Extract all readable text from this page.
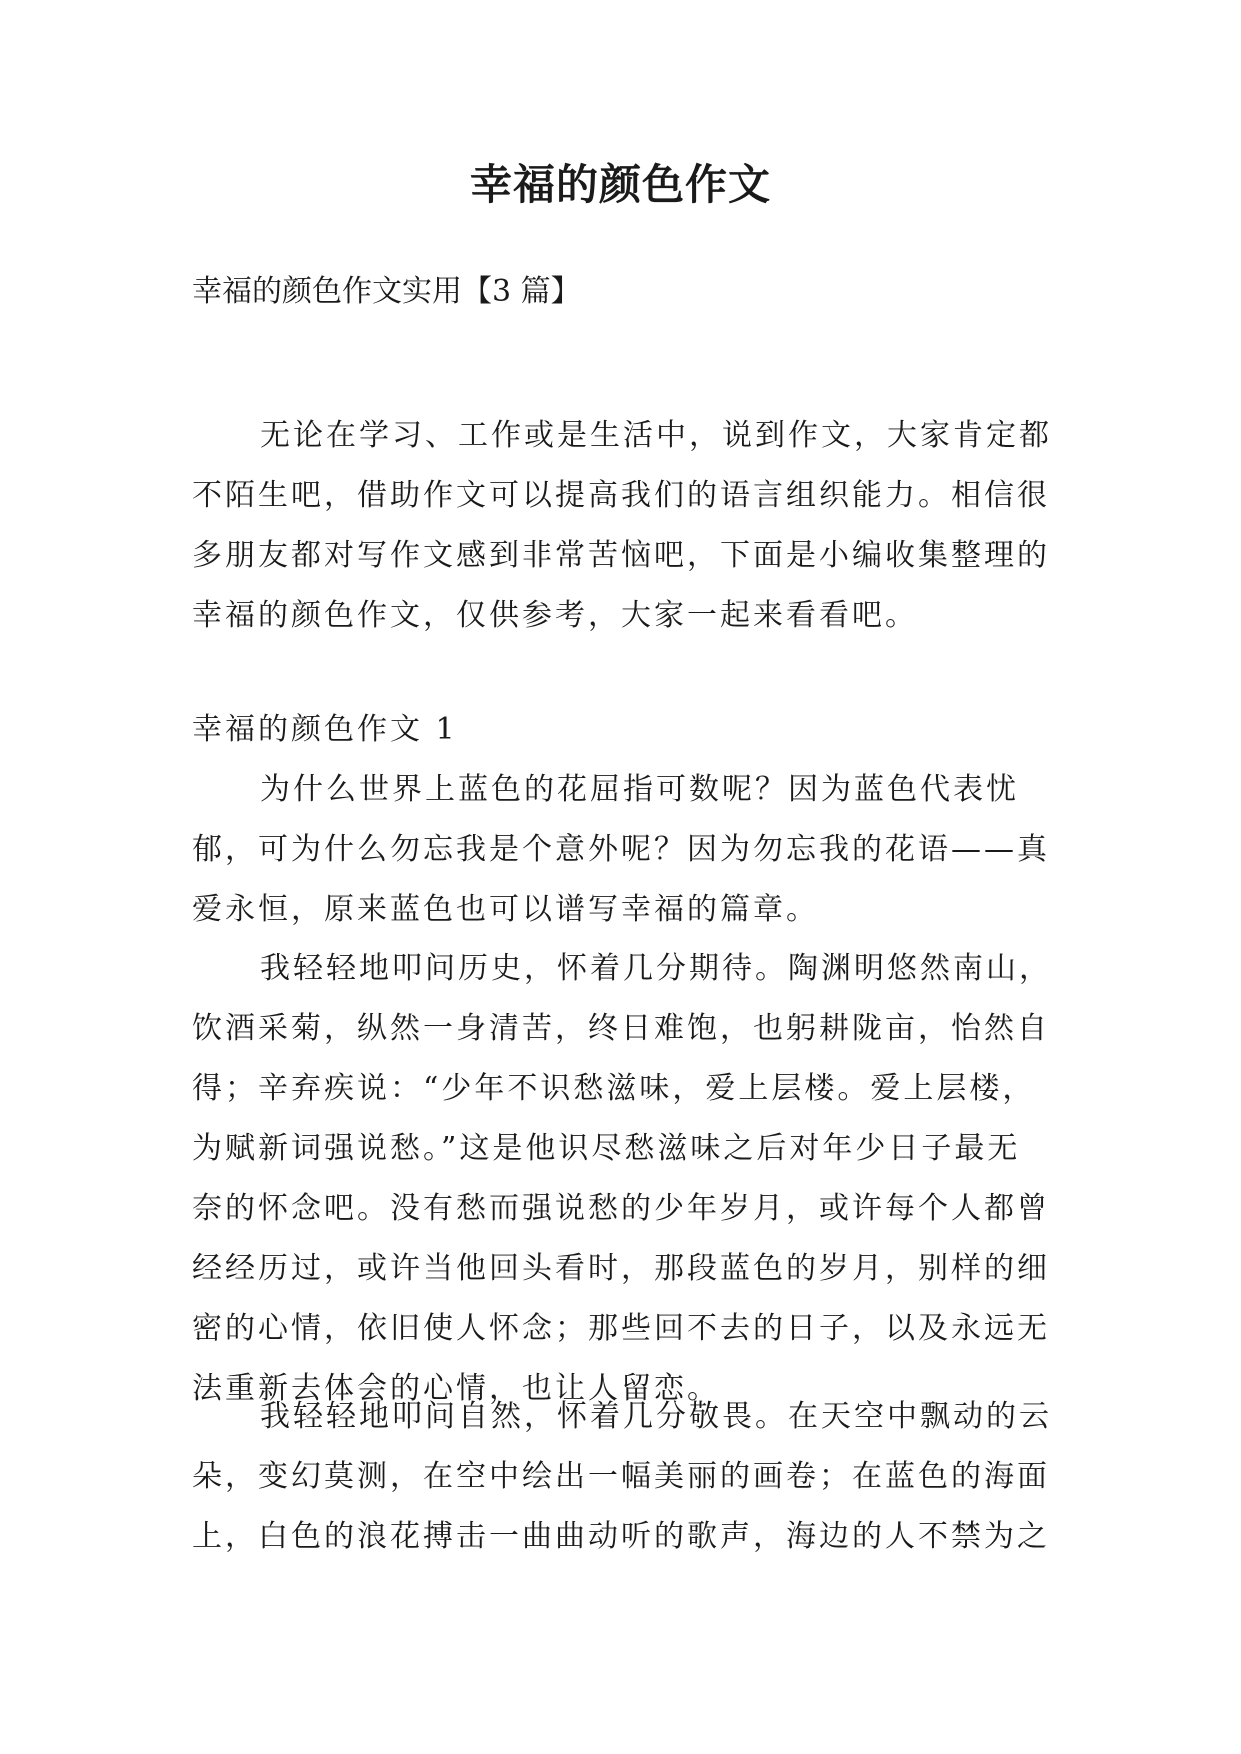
幸福的颜色作文

幸福的颜色作文实用【3 篇】

无论在学习、工作或是生活中，说到作文，大家肯定都
不陌生吧，借助作文可以提高我们的语言组织能力。相信很
多朋友都对写作文感到非常苦恼吧，下面是小编收集整理的
幸福的颜色作文，仅供参考，大家一起来看看吧。
幸福的颜色作文 1
为什么世界上蓝色的花屈指可数呢？因为蓝色代表忧
郁，可为什么勿忘我是个意外呢？因为勿忘我的花语——真
爱永恒，原来蓝色也可以谱写幸福的篇章。
我轻轻地叩问历史，怀着几分期待。陶渊明悠然南山，
饮酒采菊，纵然一身清苦，终日难饱，也躬耕陇亩，怡然自
得；辛弃疾说：“少年不识愁滋味，爱上层楼。爱上层楼，
为赋新词强说愁。”这是他识尽愁滋味之后对年少日子最无
奈的怀念吧。没有愁而强说愁的少年岁月，或许每个人都曾
经经历过，或许当他回头看时，那段蓝色的岁月，别样的细
密的心情，依旧使人怀念；那些回不去的日子，以及永远无
法重新去体会的心情，也让人留恋。
我轻轻地叩问自然，怀着几分敬畏。在天空中飘动的云
朵，变幻莫测，在空中绘出一幅美丽的画卷；在蓝色的海面
上，白色的浪花搏击一曲曲动听的歌声，海边的人不禁为之
